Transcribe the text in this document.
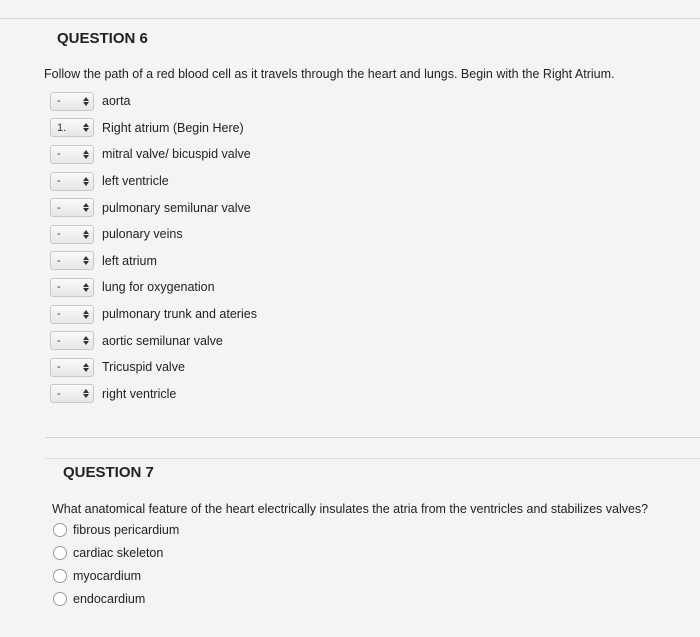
QUESTION 6
Follow the path of a red blood cell as it travels through the heart and lungs. Begin with the Right Atrium.
-	aorta
1.	Right atrium (Begin Here)
-	mitral valve/ bicuspid valve
-	left ventricle
-	pulmonary semilunar valve
-	pulonary veins
-	left atrium
-	lung for oxygenation
-	pulmonary trunk and ateries
-	aortic semilunar valve
-	Tricuspid valve
-	right ventricle
QUESTION 7
What anatomical feature of the heart electrically insulates the atria from the ventricles and stabilizes valves?
fibrous pericardium
cardiac skeleton
myocardium
endocardium
